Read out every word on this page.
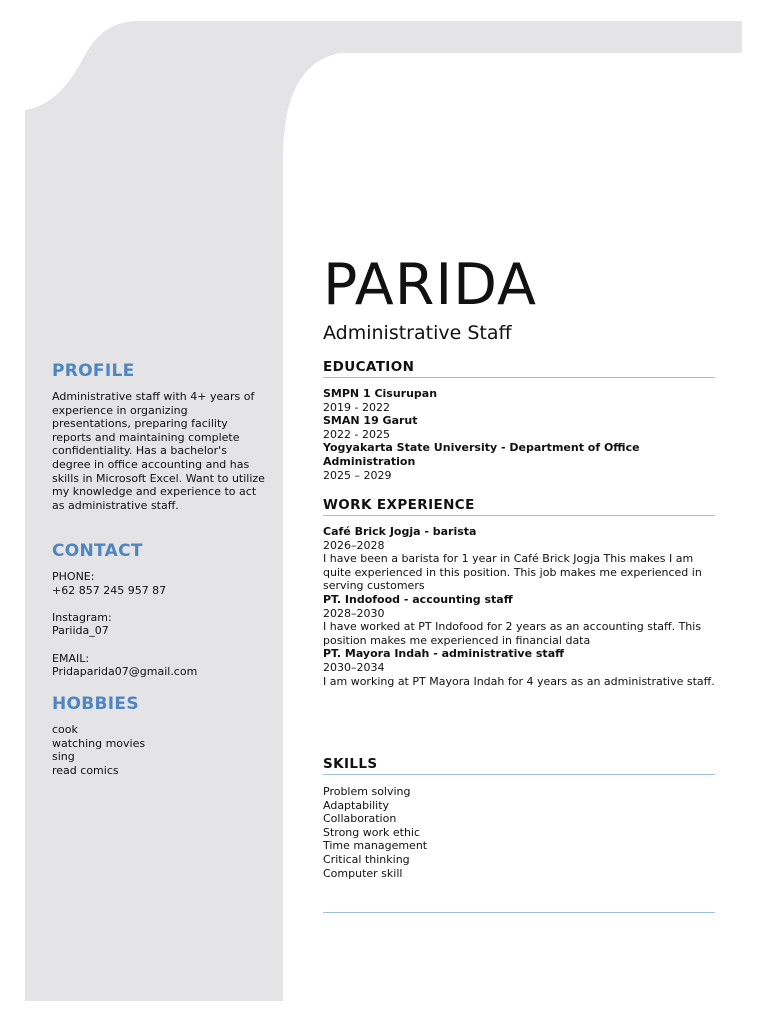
PROFILE
Administrative staff with 4+ years of experience in organizing presentations, preparing facility reports and maintaining complete confidentiality. Has a bachelor's degree in office accounting and has skills in Microsoft Excel. Want to utilize my knowledge and experience to act as administrative staff.
CONTACT

PHONE:

+62 857 245 957 87

Instagram:

Pariida_07

EMAIL:

Pridaparida07@gmail.com

HOBBIES

cook

watching movies

sing

read comics

PARIDA
Administrative Staff
EDUCATION
SMPN 1 Cisurupan
2019 - 2022
SMAN 19 Garut
2022 - 2025
Yogyakarta State University - Department of Office Administration
2025 – 2029
WORK EXPERIENCE
Café Brick Jogja - barista
2026–2028
I have been a barista for 1 year in Café Brick Jogja This makes I am quite experienced in this position. This job makes me experienced in serving customers
PT. Indofood - accounting staff
2028–2030
I have worked at PT Indofood for 2 years as an accounting staff. This position makes me experienced in financial data
PT. Mayora Indah - administrative staff
2030–2034
I am working at PT Mayora Indah for 4 years as an administrative staff.
SKILLS
Problem solving
Adaptability
Collaboration
Strong work ethic
Time management
Critical thinking
Computer skill
